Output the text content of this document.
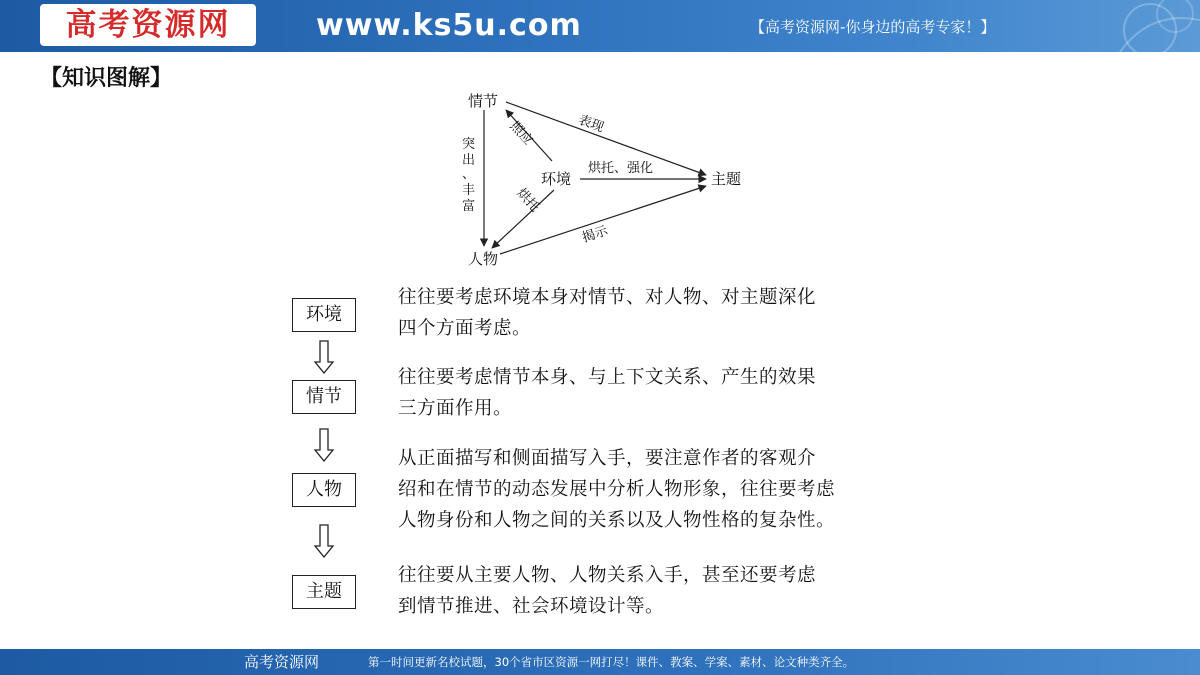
高考资源网	www.ks5u.com	【高考资源网-你身边的高考专家！】
【知识图解】
情节
环境	主题
人物
表现
照应
突
出
、
丰
富
烘托、强化
烘托
揭示
环境
情节
人物
主题
往往要考虑环境本身对情节、对人物、对主题深化
四个方面考虑。
往往要考虑情节本身、与上下文关系、产生的效果
三方面作用。
从正面描写和侧面描写入手，要注意作者的客观介
绍和在情节的动态发展中分析人物形象，往往要考虑
人物身份和人物之间的关系以及人物性格的复杂性。
往往要从主要人物、人物关系入手，甚至还要考虑
到情节推进、社会环境设计等。
高考资源网	第一时间更新名校试题，30个省市区资源一网打尽！课件、教案、学案、素材、论文种类齐全。
